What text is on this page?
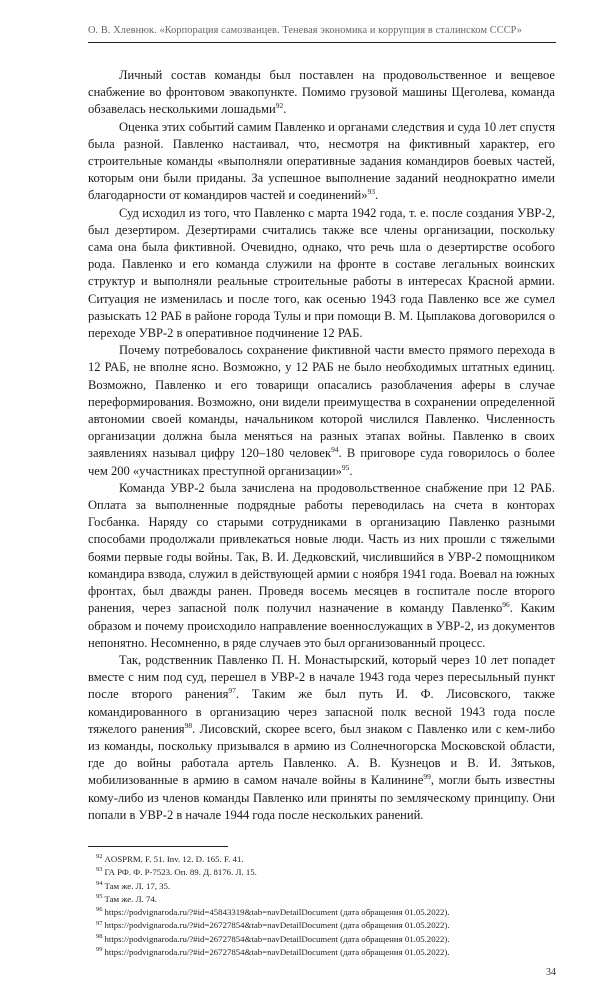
О. В. Хлевнюк. «Корпорация самозванцев. Теневая экономика и коррупция в сталинском СССР»

Личный состав команды был поставлен на продовольственное и вещевое снабжение во фронтовом эвакопункте. Помимо грузовой машины Щеголева, команда обзавелась несколькими лошадьми$^{92}$.

Оценка этих событий самим Павленко и органами следствия и суда 10 лет спустя была разной. Павленко настаивал, что, несмотря на фиктивный характер, его строительные команды «выполняли оперативные задания командиров боевых частей, которым они были приданы. За успешное выполнение заданий неоднократно имели благодарности от командиров частей и соединений»$^{93}$.

Суд исходил из того, что Павленко с марта 1942 года, т. е. после создания УВР-2, был дезертиром. Дезертирами считались также все члены организации, поскольку сама она была фиктивной. Очевидно, однако, что речь шла о дезертирстве особого рода. Павленко и его команда служили на фронте в составе легальных воинских структур и выполняли реальные строительные работы в интересах Красной армии. Ситуация не изменилась и после того, как осенью 1943 года Павленко все же сумел разыскать 12 РАБ в районе города Тулы и при помощи В. М. Цыплакова договорился о переходе УВР-2 в оперативное подчинение 12 РАБ.

Почему потребовалось сохранение фиктивной части вместо прямого перехода в 12 РАБ, не вполне ясно. Возможно, у 12 РАБ не было необходимых штатных единиц. Возможно, Павленко и его товарищи опасались разоблачения аферы в случае переформирования. Возможно, они видели преимущества в сохранении определенной автономии своей команды, начальником которой числился Павленко. Численность организации должна была меняться на разных этапах войны. Павленко в своих заявлениях называл цифру 120–180 человек$^{94}$. В приговоре суда говорилось о более чем 200 «участниках преступной организации»$^{95}$.

Команда УВР-2 была зачислена на продовольственное снабжение при 12 РАБ. Оплата за выполненные подрядные работы переводилась на счета в конторах Госбанка. Наряду со старыми сотрудниками в организацию Павленко разными способами продолжали привлекаться новые люди. Часть из них прошли с тяжелыми боями первые годы войны. Так, В. И. Дедковский, числившийся в УВР-2 помощником командира взвода, служил в действующей армии с ноября 1941 года. Воевал на южных фронтах, был дважды ранен. Проведя восемь месяцев в госпитале после второго ранения, через запасной полк получил назначение в команду Павленко$^{96}$. Каким образом и почему происходило направление военнослужащих в УВР-2, из документов непонятно. Несомненно, в ряде случаев это был организованный процесс.

Так, родственник Павленко П. Н. Монастырский, который через 10 лет попадет вместе с ним под суд, перешел в УВР-2 в начале 1943 года через пересыльный пункт после второго ранения$^{97}$. Таким же был путь И. Ф. Лисовского, также командированного в организацию через запасной полк весной 1943 года после тяжелого ранения$^{98}$. Лисовский, скорее всего, был знаком с Павленко или с кем-либо из команды, поскольку призывался в армию из Солнечногорска Московской области, где до войны работала артель Павленко. А. В. Кузнецов и В. И. Зятьков, мобилизованные в армию в самом начале войны в Калинине$^{99}$, могли быть известны кому-либо из членов команды Павленко или приняты по земляческому принципу. Они попали в УВР-2 в начале 1944 года после нескольких ранений.

$^{92}$ AOSPRM. F. 51. Inv. 12. D. 165. F. 41.
$^{93}$ ГА РФ. Ф. Р-7523. Оп. 89. Д. 8176. Л. 15.
$^{94}$ Там же. Л. 17, 35.
$^{95}$ Там же. Л. 74.
$^{96}$ https://podvignaroda.ru/?#id=45843319&tab=navDetailDocument (дата обращения 01.05.2022).
$^{97}$ https://podvignaroda.ru/?#id=26727854&tab=navDetailDocument (дата обращения 01.05.2022).
$^{98}$ https://podvignaroda.ru/?#id=26727854&tab=navDetailDocument (дата обращения 01.05.2022).
$^{99}$ https://podvignaroda.ru/?#id=26727854&tab=navDetailDocument (дата обращения 01.05.2022).
34
